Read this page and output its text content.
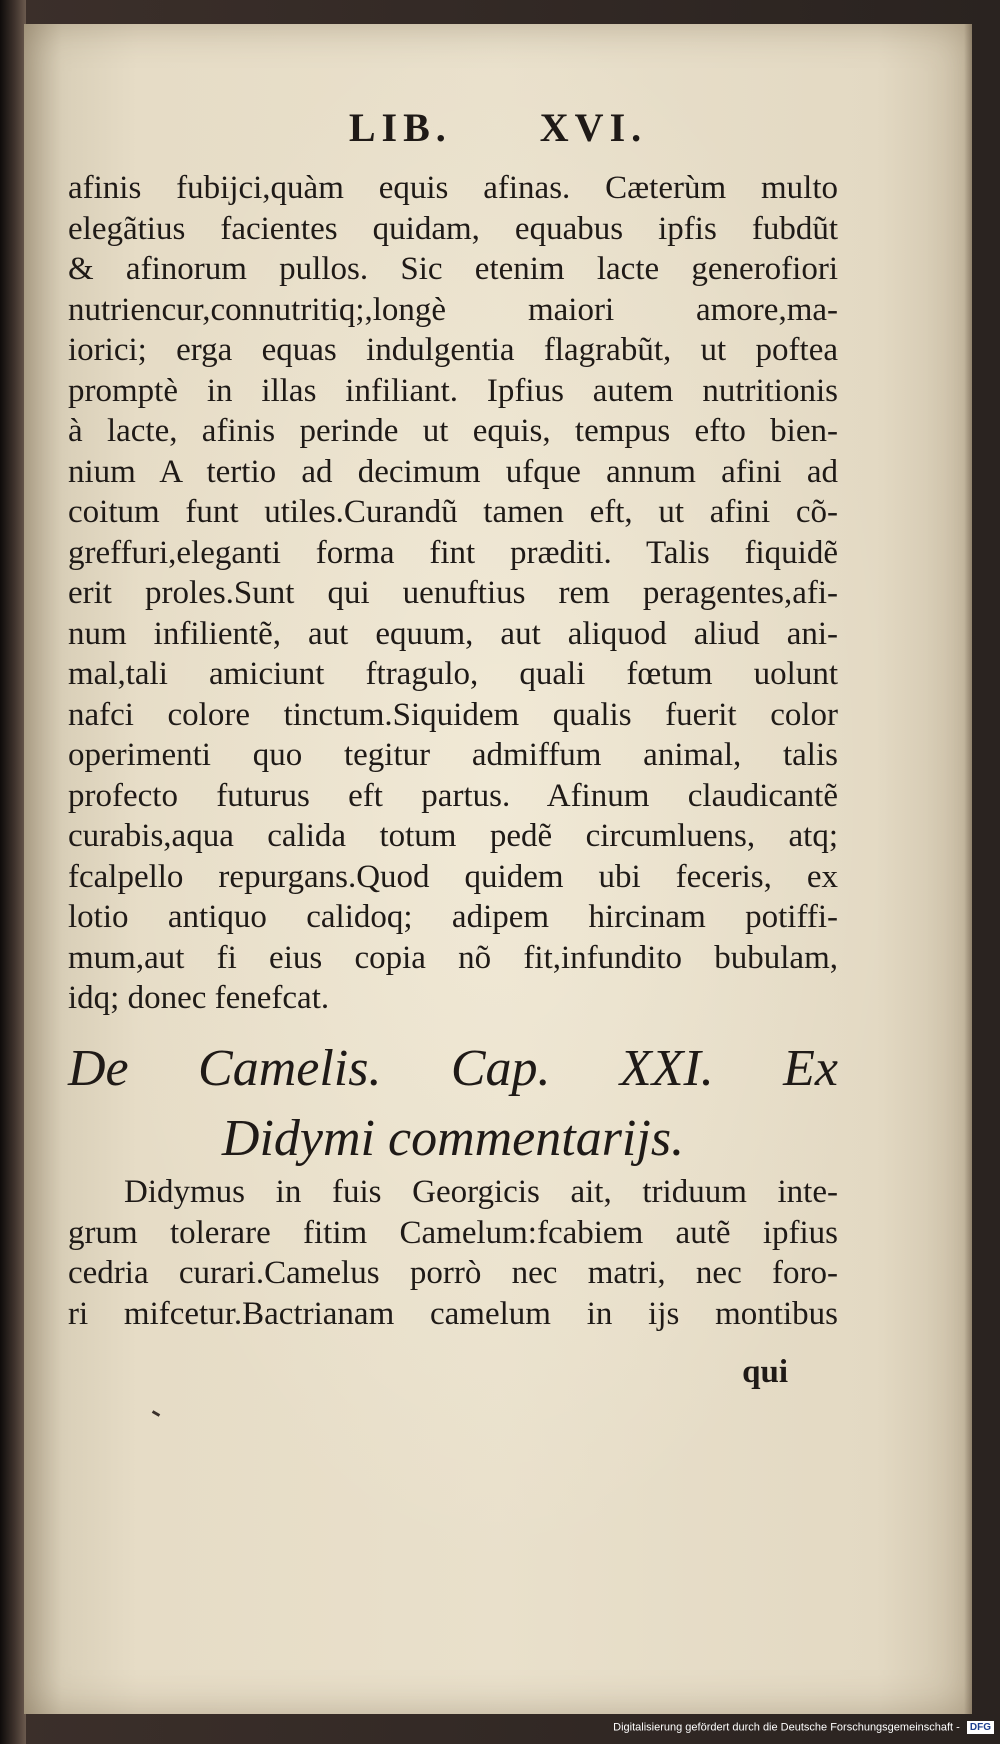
LIB. XVI.
afinis fubijci,quàm equis afinas. Cæterùm multo
elegãtius facientes quidam, equabus ipfis fubdũt
& afinorum pullos. Sic etenim lacte generofiori
nutriencur,connutritiq;,longè maiori amore,ma-
iorici; erga equas indulgentia flagrabũt, ut poftea
promptè in illas infiliant. Ipfius autem nutritionis
à lacte, afinis perinde ut equis, tempus efto bien-
nium A tertio ad decimum ufque annum afini ad
coitum funt utiles.Curandũ tamen eft, ut afini cõ-
greffuri,eleganti forma fint præditi. Talis fiquidẽ
erit proles.Sunt qui uenuftius rem peragentes,afi-
num infilientẽ, aut equum, aut aliquod aliud ani-
mal,tali amiciunt ftragulo, quali fœtum uolunt
nafci colore tinctum.Siquidem qualis fuerit color
operimenti quo tegitur admiffum animal, talis
profecto futurus eft partus. Afinum claudicantẽ
curabis,aqua calida totum pedẽ circumluens, atq;
fcalpello repurgans.Quod quidem ubi feceris, ex
lotio antiquo calidoq; adipem hircinam potiffi-
mum,aut fi eius copia nõ fit,infundito bubulam,
idq; donec fenefcat.
De Camelis. Cap. XXI. Ex
Didymi commentarijs.
Didymus in fuis Georgicis ait, triduum inte-
grum tolerare fitim Camelum:fcabiem autẽ ipfius
cedria curari.Camelus porrò nec matri, nec foro-
ri mifcetur.Bactrianam camelum in ijs montibus
qui
Digitalisierung gefördert durch die Deutsche Forschungsgemeinschaft - DFG
